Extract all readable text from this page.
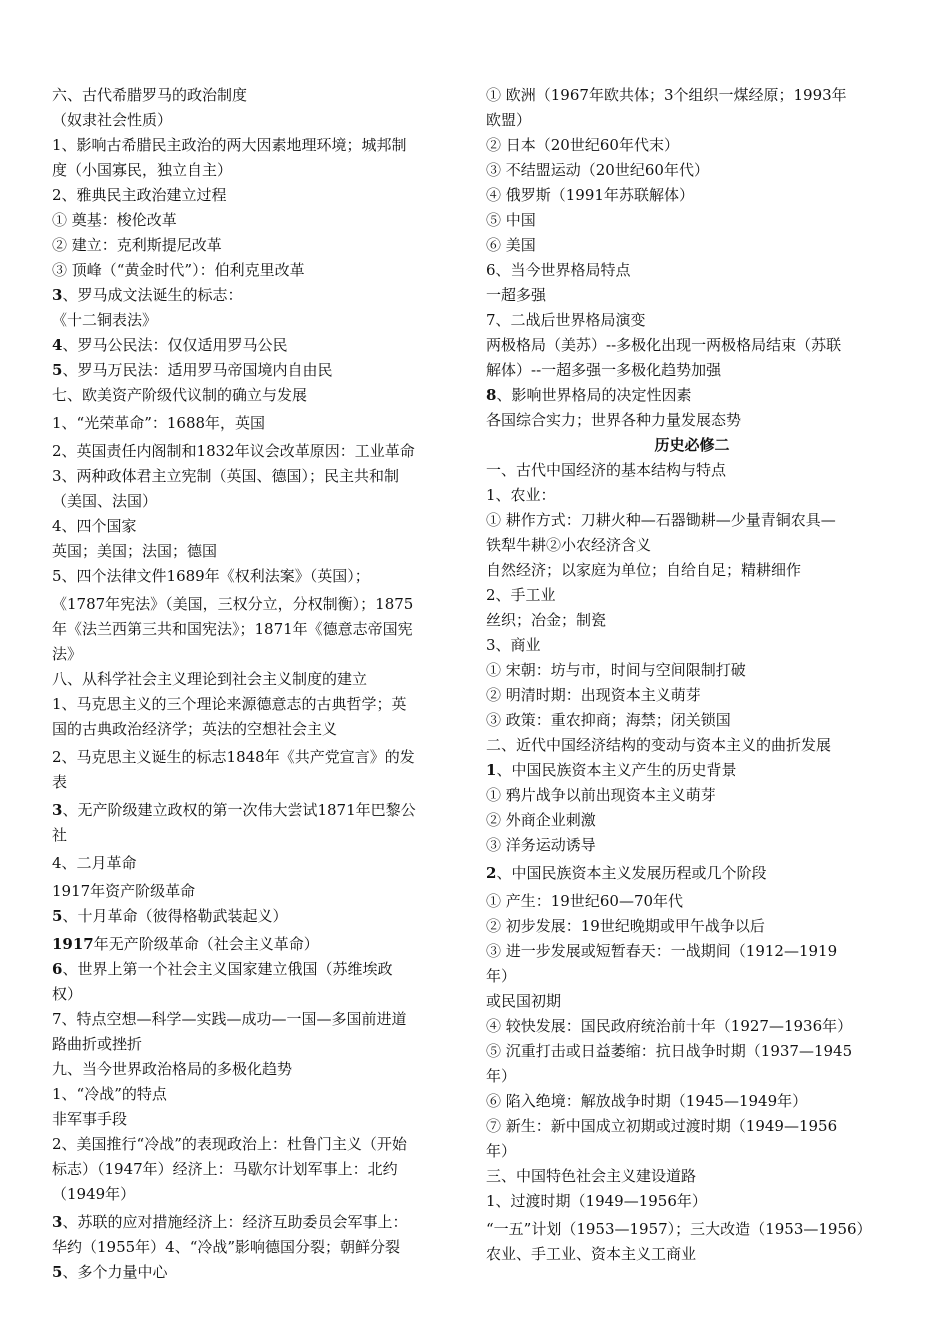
六、古代希腊罗马的政治制度
（奴隶社会性质）
1、影响古希腊民主政治的两大因素地理环境；城邦制
度（小国寡民，独立自主）
2、雅典民主政治建立过程
① 奠基：梭伦改革
② 建立：克利斯提尼改革
③ 顶峰（“黄金时代”）：伯利克里改革
3、罗马成文法诞生的标志：
《十二铜表法》
4、罗马公民法：仅仅适用罗马公民
5、罗马万民法：适用罗马帝国境内自由民
七、欧美资产阶级代议制的确立与发展
1、“光荣革命”：1688年，英国
2、英国责任内阁制和1832年议会改革原因：工业革命
3、两种政体君主立宪制（英国、德国）；民主共和制
（美国、法国）
4、四个国家
英国；美国；法国；德国
5、四个法律文件1689年《权利法案》（英国）；
《1787年宪法》（美国，三权分立，分权制衡）；1875
年《法兰西第三共和国宪法》；1871年《德意志帝国宪
法》
八、从科学社会主义理论到社会主义制度的建立
1、马克思主义的三个理论来源德意志的古典哲学；英
国的古典政治经济学；英法的空想社会主义
2、马克思主义诞生的标志1848年《共产党宣言》的发
表
3、无产阶级建立政权的第一次伟大尝试1871年巴黎公
社
4、二月革命
1917年资产阶级革命
5、十月革命（彼得格勒武装起义）
1917年无产阶级革命（社会主义革命）
6、世界上第一个社会主义国家建立俄国（苏维埃政
权）
7、特点空想—科学—实践—成功—一国—多国前进道
路曲折或挫折
九、当今世界政治格局的多极化趋势
1、“冷战”的特点
非军事手段
2、美国推行“冷战”的表现政治上：杜鲁门主义（开始
标志）（1947年）经济上：马歇尔计划军事上：北约
（1949年）
3、苏联的应对措施经济上：经济互助委员会军事上：
华约（1955年）4、“冷战”影响德国分裂；朝鲜分裂
5、多个力量中心
① 欧洲（1967年欧共体；3个组织一煤经原；1993年
欧盟）
② 日本（20世纪60年代末）
③ 不结盟运动（20世纪60年代）
④ 俄罗斯（1991年苏联解体）
⑤ 中国
⑥ 美国
6、当今世界格局特点
一超多强
7、二战后世界格局演变
两极格局（美苏）--多极化出现一两极格局结束（苏联
解体）--一超多强一多极化趋势加强
8、影响世界格局的决定性因素
各国综合实力；世界各种力量发展态势
历史必修二
一、古代中国经济的基本结构与特点
1、农业：
① 耕作方式：刀耕火种—石器锄耕—少量青铜农具—
铁犁牛耕②小农经济含义
自然经济；以家庭为单位；自给自足；精耕细作
2、手工业
丝织；冶金；制瓷
3、商业
① 宋朝：坊与市，时间与空间限制打破
② 明清时期：出现资本主义萌芽
③ 政策：重农抑商；海禁；闭关锁国
二、近代中国经济结构的变动与资本主义的曲折发展
1、中国民族资本主义产生的历史背景
① 鸦片战争以前出现资本主义萌芽
② 外商企业刺激
③ 洋务运动诱导
2、中国民族资本主义发展历程或几个阶段
① 产生：19世纪60—70年代
② 初步发展：19世纪晚期或甲午战争以后
③ 进一步发展或短暂春天：一战期间（1912—1919
年）
或民国初期
④ 较快发展：国民政府统治前十年（1927—1936年）
⑤ 沉重打击或日益萎缩：抗日战争时期（1937—1945
年）
⑥ 陷入绝境：解放战争时期（1945—1949年）
⑦ 新生：新中国成立初期或过渡时期（1949—1956
年）
三、中国特色社会主义建设道路
1、过渡时期（1949—1956年）
“一五”计划（1953—1957）；三大改造（1953—1956）
农业、手工业、资本主义工商业
